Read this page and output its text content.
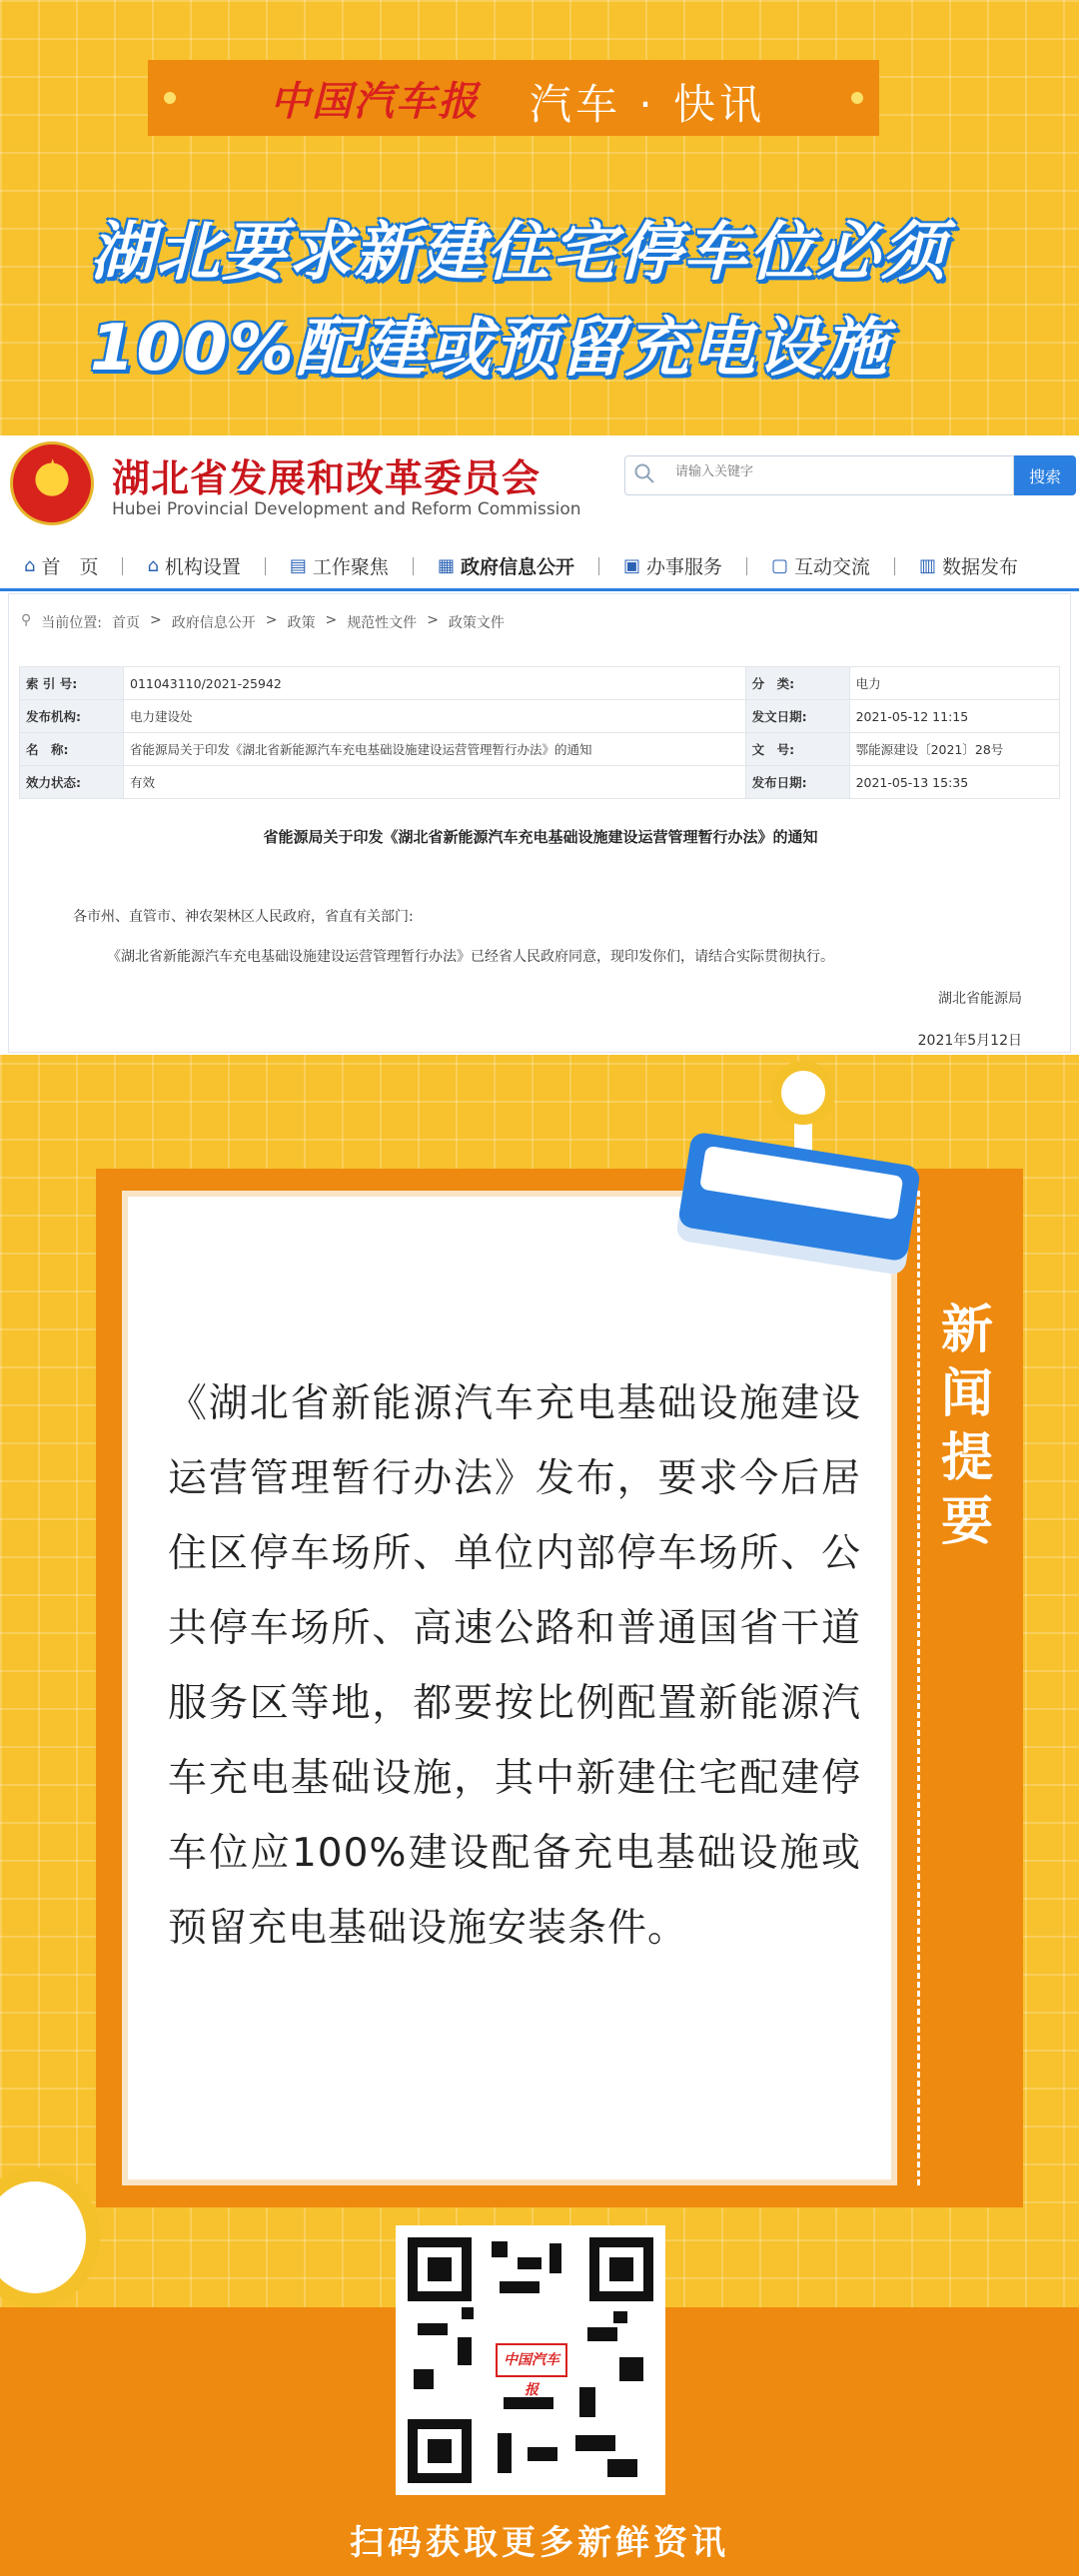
中国汽车报 汽车 · 快讯
湖北要求新建住宅停车位必须
100%配建或预留充电设施
★
湖北省发展和改革委员会
Hubei Provincial Development and Reform Commission
请输入关键字
搜索
⌂ 首　页	⌂ 机构设置	▤ 工作聚焦	▦ 政府信息公开	▣ 办事服务	▢ 互动交流	▥ 数据发布
⚲ 当前位置: 首页 > 政府信息公开 > 政策 > 规范性文件 > 政策文件
索 引 号:	011043110/2021-25942	分　类:	电力
发布机构:	电力建设处	发文日期:	2021-05-12 11:15
名　称:	省能源局关于印发《湖北省新能源汽车充电基础设施建设运营管理暂行办法》的通知	文　号:	鄂能源建设〔2021〕28号
效力状态:	有效	发布日期:	2021-05-13 15:35
省能源局关于印发《湖北省新能源汽车充电基础设施建设运营管理暂行办法》的通知
各市州、直管市、神农架林区人民政府，省直有关部门:
《湖北省新能源汽车充电基础设施建设运营管理暂行办法》已经省人民政府同意，现印发你们，请结合实际贯彻执行。
湖北省能源局
2021年5月12日
新闻提要
《湖北省新能源汽车充电基础设施建设运营管理暂行办法》发布，要求今后居住区停车场所、单位内部停车场所、公共停车场所、高速公路和普通国省干道服务区等地，都要按比例配置新能源汽车充电基础设施，其中新建住宅配建停车位应100%建设配备充电基础设施或预留充电基础设施安装条件。
中国汽车报
扫码获取更多新鲜资讯
